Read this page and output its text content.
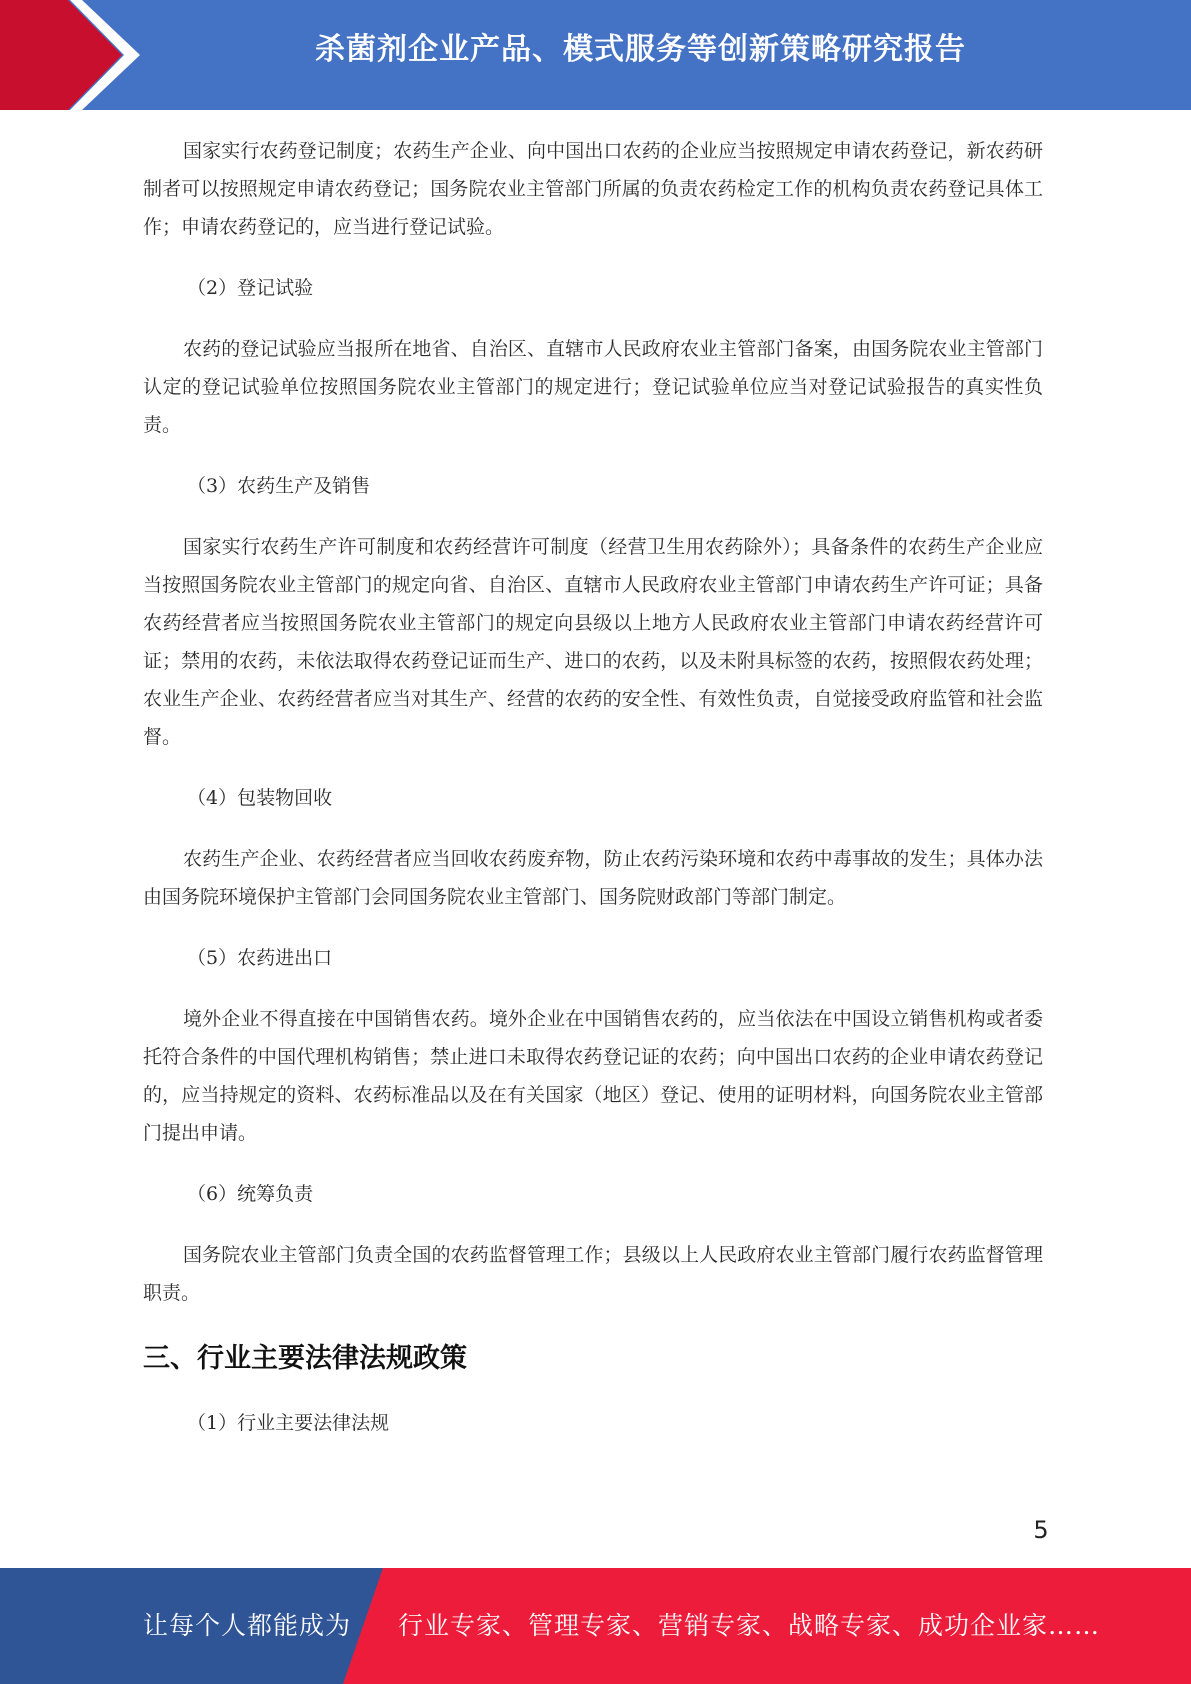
杀菌剂企业产品、模式服务等创新策略研究报告

国家实行农药登记制度；农药生产企业、向中国出口农药的企业应当按照规定申请农药登记，新农药研制者可以按照规定申请农药登记；国务院农业主管部门所属的负责农药检定工作的机构负责农药登记具体工作；申请农药登记的，应当进行登记试验。

（2）登记试验

农药的登记试验应当报所在地省、自治区、直辖市人民政府农业主管部门备案，由国务院农业主管部门认定的登记试验单位按照国务院农业主管部门的规定进行；登记试验单位应当对登记试验报告的真实性负责。

（3）农药生产及销售

国家实行农药生产许可制度和农药经营许可制度（经营卫生用农药除外）；具备条件的农药生产企业应当按照国务院农业主管部门的规定向省、自治区、直辖市人民政府农业主管部门申请农药生产许可证；具备农药经营者应当按照国务院农业主管部门的规定向县级以上地方人民政府农业主管部门申请农药经营许可证；禁用的农药，未依法取得农药登记证而生产、进口的农药，以及未附具标签的农药，按照假农药处理；农业生产企业、农药经营者应当对其生产、经营的农药的安全性、有效性负责，自觉接受政府监管和社会监督。

（4）包装物回收

农药生产企业、农药经营者应当回收农药废弃物，防止农药污染环境和农药中毒事故的发生；具体办法由国务院环境保护主管部门会同国务院农业主管部门、国务院财政部门等部门制定。

（5）农药进出口

境外企业不得直接在中国销售农药。境外企业在中国销售农药的，应当依法在中国设立销售机构或者委托符合条件的中国代理机构销售；禁止进口未取得农药登记证的农药；向中国出口农药的企业申请农药登记的，应当持规定的资料、农药标准品以及在有关国家（地区）登记、使用的证明材料，向国务院农业主管部门提出申请。

（6）统筹负责

国务院农业主管部门负责全国的农药监督管理工作；县级以上人民政府农业主管部门履行农药监督管理职责。

三、行业主要法律法规政策

（1）行业主要法律法规

5
让每个人都能成为 行业专家、管理专家、营销专家、战略专家、成功企业家……
